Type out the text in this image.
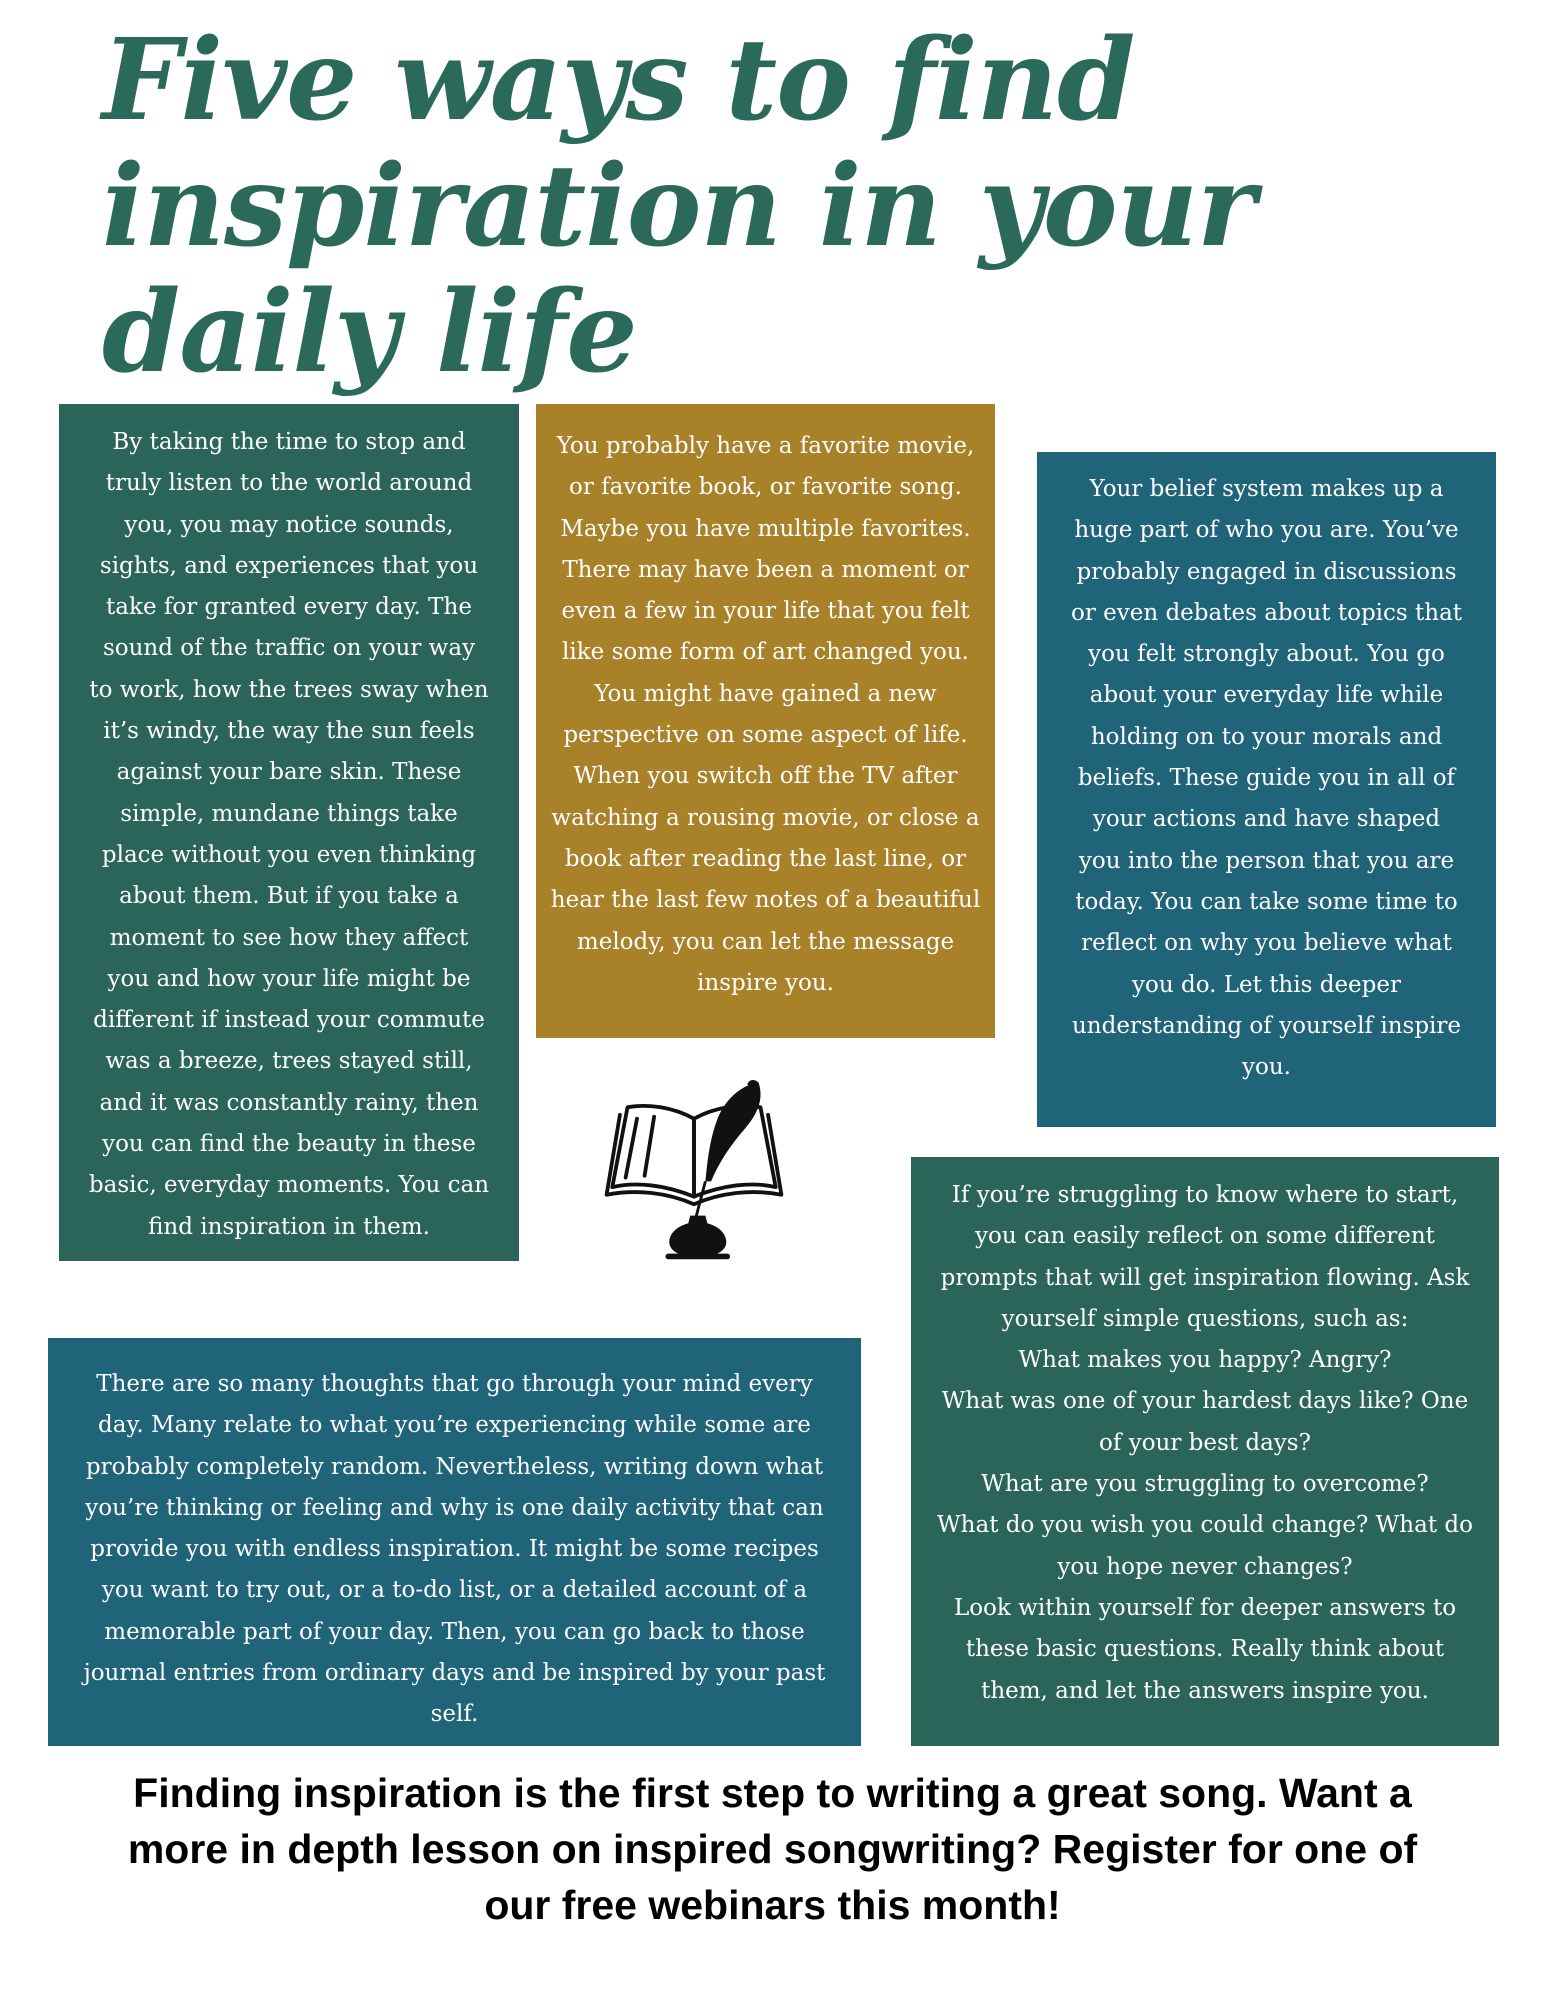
Five ways to find
inspiration in your
daily life

By taking the time to stop and
truly listen to the world around
you, you may notice sounds,
sights, and experiences that you
take for granted every day. The
sound of the traffic on your way
to work, how the trees sway when
it’s windy, the way the sun feels
against your bare skin. These
simple, mundane things take
place without you even thinking
about them. But if you take a
moment to see how they affect
you and how your life might be
different if instead your commute
was a breeze, trees stayed still,
and it was constantly rainy, then
you can find the beauty in these
basic, everyday moments. You can
find inspiration in them.

You probably have a favorite movie,
or favorite book, or favorite song.
Maybe you have multiple favorites.
There may have been a moment or
even a few in your life that you felt
like some form of art changed you.
You might have gained a new
perspective on some aspect of life.
When you switch off the TV after
watching a rousing movie, or close a
book after reading the last line, or
hear the last few notes of a beautiful
melody, you can let the message
inspire you.

Your belief system makes up a
huge part of who you are. You’ve
probably engaged in discussions
or even debates about topics that
you felt strongly about. You go
about your everyday life while
holding on to your morals and
beliefs. These guide you in all of
your actions and have shaped
you into the person that you are
today. You can take some time to
reflect on why you believe what
you do. Let this deeper
understanding of yourself inspire
you.

If you’re struggling to know where to start,
you can easily reflect on some different
prompts that will get inspiration flowing. Ask
yourself simple questions, such as:
What makes you happy? Angry?
What was one of your hardest days like? One
of your best days?
What are you struggling to overcome?
What do you wish you could change? What do
you hope never changes?
Look within yourself for deeper answers to
these basic questions. Really think about
them, and let the answers inspire you.

There are so many thoughts that go through your mind every
day. Many relate to what you’re experiencing while some are
probably completely random. Nevertheless, writing down what
you’re thinking or feeling and why is one daily activity that can
provide you with endless inspiration. It might be some recipes
you want to try out, or a to-do list, or a detailed account of a
memorable part of your day. Then, you can go back to those
journal entries from ordinary days and be inspired by your past
self.

Finding inspiration is the first step to writing a great song. Want a
more in depth lesson on inspired songwriting? Register for one of
our free webinars this month!
